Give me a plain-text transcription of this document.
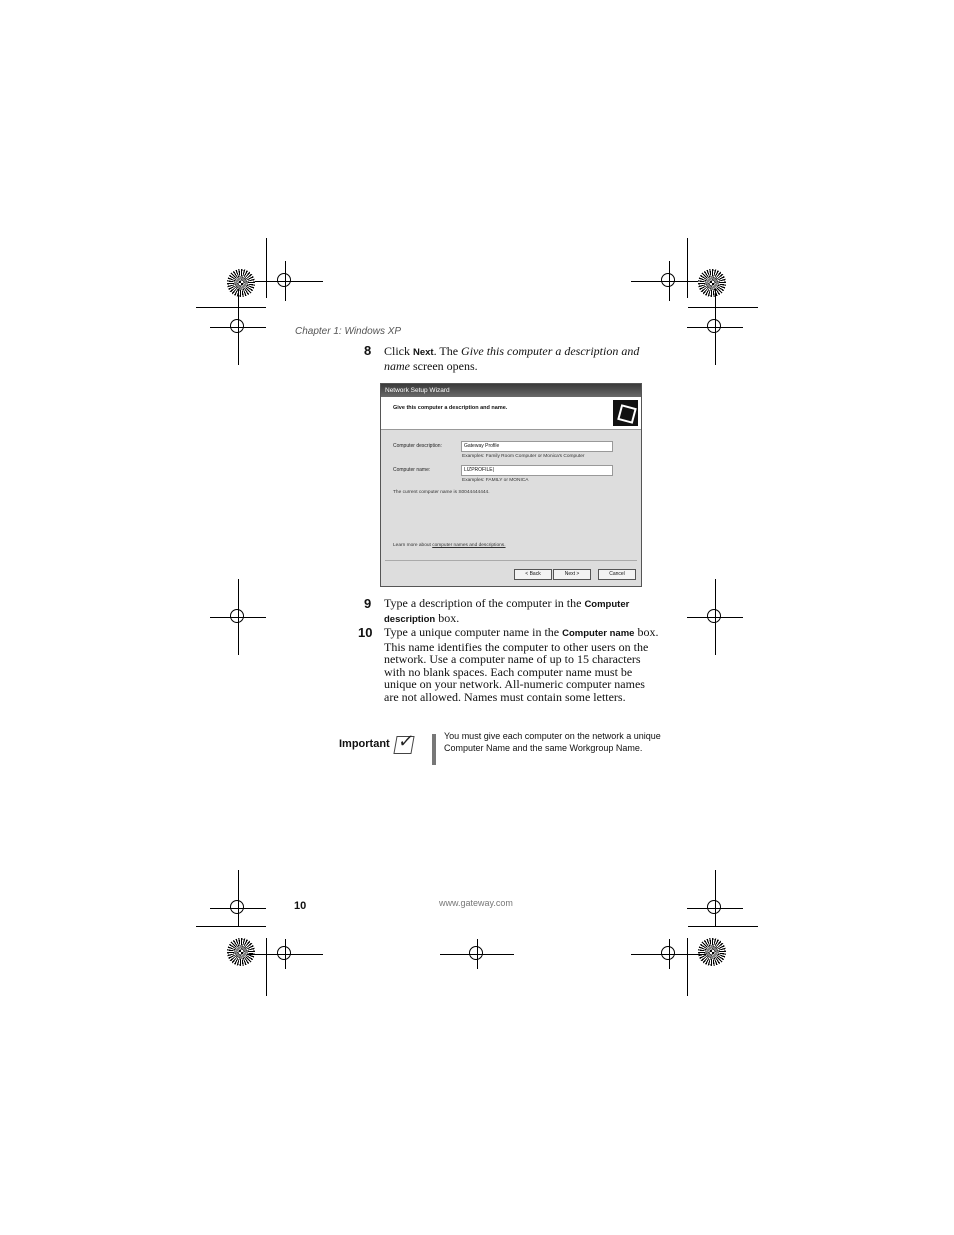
Chapter 1: Windows XP
8 Click Next. The Give this computer a description and name screen opens.
Network Setup Wizard
Give this computer a description and name.
Computer description:	Gateway Profile
Examples: Family Room Computer or Monica's Computer
Computer name:	LIZPROFILE|
Examples: FAMILY or MONICA
The current computer name is S0044444444.
Learn more about computer names and descriptions.
< Back	Next >	Cancel
9 Type a description of the computer in the Computer description box.
10 Type a unique computer name in the Computer name box. This name identifies the computer to other users on the network. Use a computer name of up to 15 characters with no blank spaces. Each computer name must be unique on your network. All-numeric computer names are not allowed. Names must contain some letters.
Important
✓
You must give each computer on the network a unique Computer Name and the same Workgroup Name.
10	www.gateway.com
